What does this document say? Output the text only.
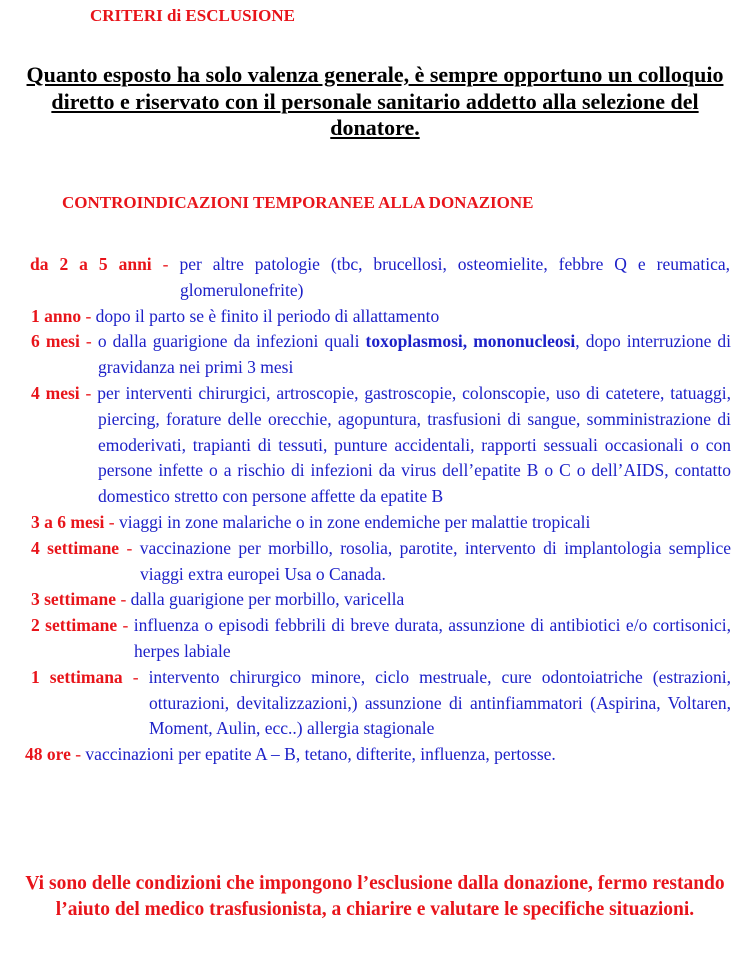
CRITERI di ESCLUSIONE
Quanto esposto ha solo valenza generale, è sempre opportuno un colloquio diretto e riservato con il personale sanitario addetto alla selezione del donatore.
CONTROINDICAZIONI TEMPORANEE ALLA DONAZIONE
da 2 a 5 anni - per altre patologie (tbc, brucellosi, osteomielite, febbre Q e reumatica, glomerulonefrite)
1 anno - dopo il parto se è finito il periodo di allattamento
6 mesi - o dalla guarigione da infezioni quali toxoplasmosi, mononucleosi, dopo interruzione di gravidanza nei primi 3 mesi
4 mesi - per interventi chirurgici, artroscopie, gastroscopie, colonscopie, uso di catetere, tatuaggi, piercing, forature delle orecchie, agopuntura, trasfusioni di sangue, somministrazione di emoderivati, trapianti di tessuti, punture accidentali, rapporti sessuali occasionali o con persone infette o a rischio di infezioni da virus dell’epatite B o C o dell’AIDS, contatto domestico stretto con persone affette da epatite B
3 a 6 mesi - viaggi in zone malariche o in zone endemiche per malattie tropicali
4 settimane - vaccinazione per morbillo, rosolia, parotite, intervento di implantologia semplice viaggi extra europei Usa o Canada.
3 settimane - dalla guarigione per morbillo, varicella
2 settimane - influenza o episodi febbrili di breve durata, assunzione di antibiotici e/o cortisonici, herpes labiale
1 settimana - intervento chirurgico minore, ciclo mestruale, cure odontoiatriche (estrazioni, otturazioni, devitalizzazioni,) assunzione di antinfiammatori (Aspirina, Voltaren, Moment, Aulin, ecc..) allergia stagionale
48 ore - vaccinazioni per epatite A – B, tetano, difterite, influenza, pertosse.
Vi sono delle condizioni che impongono l’esclusione dalla donazione, fermo restando l’aiuto del medico trasfusionista, a chiarire e valutare le specifiche situazioni.
